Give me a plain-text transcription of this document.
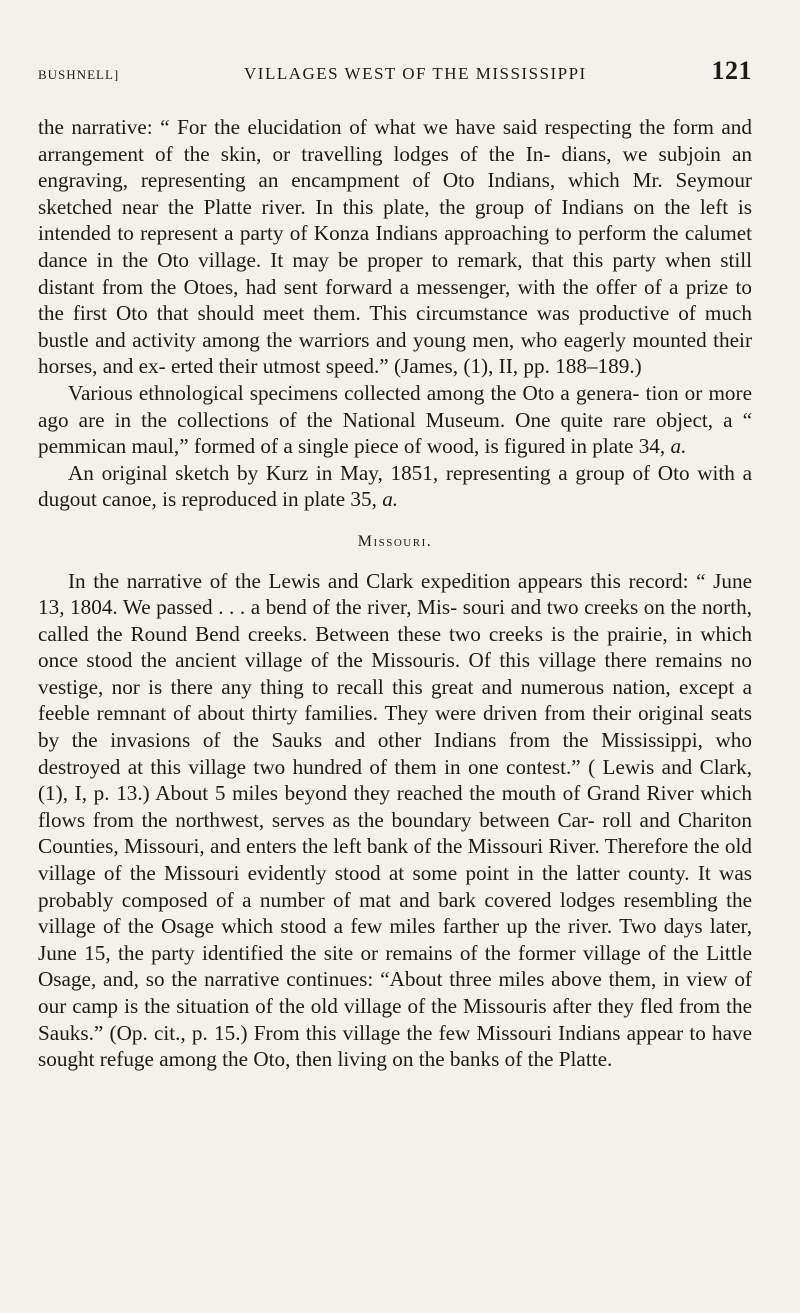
BUSHNELL]	VILLAGES WEST OF THE MISSISSIPPI	121

the narrative: “ For the elucidation of what we have said respecting the form and arrangement of the skin, or travelling lodges of the In- dians, we subjoin an engraving, representing an encampment of Oto Indians, which Mr. Seymour sketched near the Platte river. In this plate, the group of Indians on the left is intended to represent a party of Konza Indians approaching to perform the calumet dance in the Oto village. It may be proper to remark, that this party when still distant from the Otoes, had sent forward a messenger, with the offer of a prize to the first Oto that should meet them. This circumstance was productive of much bustle and activity among the warriors and young men, who eagerly mounted their horses, and ex- erted their utmost speed.” (James, (1), II, pp. 188–189.)

Various ethnological specimens collected among the Oto a genera- tion or more ago are in the collections of the National Museum. One quite rare object, a “ pemmican maul,” formed of a single piece of wood, is figured in plate 34, a.

An original sketch by Kurz in May, 1851, representing a group of Oto with a dugout canoe, is reproduced in plate 35, a.

Missouri.

In the narrative of the Lewis and Clark expedition appears this record: “ June 13, 1804. We passed . . . a bend of the river, Mis- souri and two creeks on the north, called the Round Bend creeks. Between these two creeks is the prairie, in which once stood the ancient village of the Missouris. Of this village there remains no vestige, nor is there any thing to recall this great and numerous nation, except a feeble remnant of about thirty families. They were driven from their original seats by the invasions of the Sauks and other Indians from the Mississippi, who destroyed at this village two hundred of them in one contest.” ( Lewis and Clark, (1), I, p. 13.) About 5 miles beyond they reached the mouth of Grand River which flows from the northwest, serves as the boundary between Car- roll and Chariton Counties, Missouri, and enters the left bank of the Missouri River. Therefore the old village of the Missouri evidently stood at some point in the latter county. It was probably composed of a number of mat and bark covered lodges resembling the village of the Osage which stood a few miles farther up the river. Two days later, June 15, the party identified the site or remains of the former village of the Little Osage, and, so the narrative continues: “About three miles above them, in view of our camp is the situation of the old village of the Missouris after they fled from the Sauks.” (Op. cit., p. 15.) From this village the few Missouri Indians appear to have sought refuge among the Oto, then living on the banks of the Platte.
